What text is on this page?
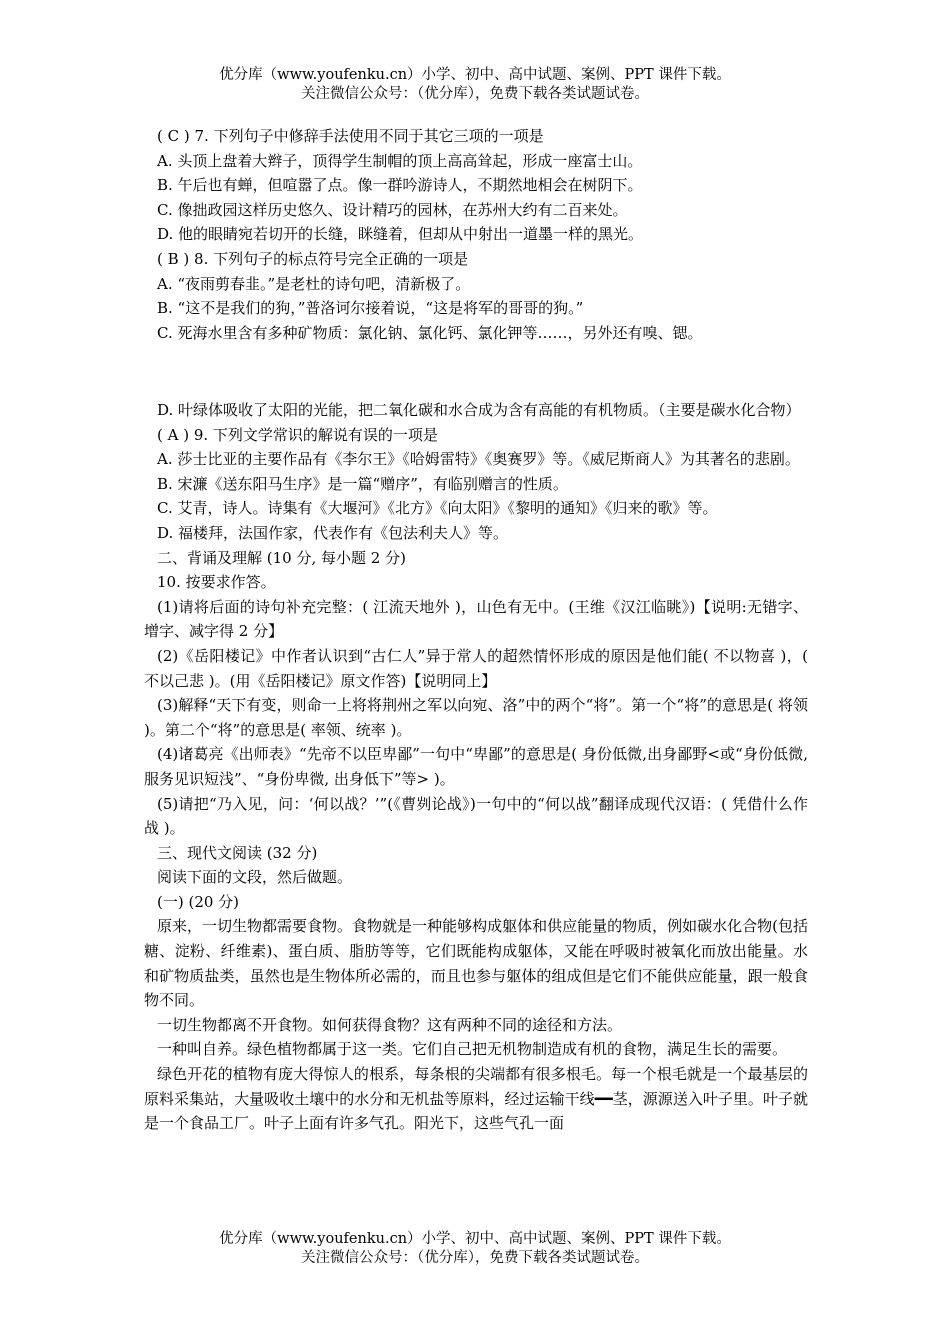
优分库（www.youfenku.cn）小学、初中、高中试题、案例、PPT 课件下载。
关注微信公众号：（优分库），免费下载各类试题试卷。

( C ) 7. 下列句子中修辞手法使用不同于其它三项的一项是

A. 头顶上盘着大辫子，顶得学生制帽的顶上高高耸起，形成一座富士山。

B. 午后也有蝉，但喧嚣了点。像一群吟游诗人，不期然地相会在树阴下。

C. 像拙政园这样历史悠久、设计精巧的园林，在苏州大约有二百来处。

D. 他的眼睛宛若切开的长缝，眯缝着，但却从中射出一道墨一样的黑光。

( B ) 8. 下列句子的标点符号完全正确的一项是

A. “夜雨剪春韭。”是老杜的诗句吧，清新极了。

B. “这不是我们的狗，”普洛诃尔接着说，“这是将军的哥哥的狗。”

C. 死海水里含有多种矿物质：氯化钠、氯化钙、氯化钾等……，另外还有嗅、锶。

D. 叶绿体吸收了太阳的光能，把二氧化碳和水合成为含有高能的有机物质。（主要是碳水化合物）

( A ) 9. 下列文学常识的解说有误的一项是

A. 莎士比亚的主要作品有《李尔王》《哈姆雷特》《奥赛罗》等。《威尼斯商人》为其著名的悲剧。

B. 宋濂《送东阳马生序》是一篇“赠序”，有临别赠言的性质。

C. 艾青，诗人。诗集有《大堰河》《北方》《向太阳》《黎明的通知》《归来的歌》等。

D. 福楼拜，法国作家，代表作有《包法利夫人》等。

二、背诵及理解 (10 分, 每小题 2 分)

10. 按要求作答。

(1)请将后面的诗句补充完整：( 江流天地外 )，山色有无中。(王维《汉江临眺》)【说明:无错字、增字、减字得 2 分】

(2)《岳阳楼记》中作者认识到“古仁人”异于常人的超然情怀形成的原因是他们能( 不以物喜 )，( 不以己悲 )。(用《岳阳楼记》原文作答)【说明同上】

(3)解释“天下有变，则命一上将将荆州之军以向宛、洛”中的两个“将”。第一个“将”的意思是( 将领 )。第二个“将”的意思是( 率领、统率 )。

(4)诸葛亮《出师表》“先帝不以臣卑鄙”一句中“卑鄙”的意思是( 身份低微,出身鄙野<或“身份低微,服务见识短浅”、“身份卑微, 出身低下”等> )。

(5)请把“乃入见，问：‘何以战？’”(《曹刿论战》)一句中的“何以战”翻译成现代汉语：( 凭借什么作战 )。

三、现代文阅读 (32 分)

阅读下面的文段，然后做题。

(一) (20 分)

原来，一切生物都需要食物。食物就是一种能够构成躯体和供应能量的物质，例如碳水化合物(包括糖、淀粉、纤维素)、蛋白质、脂肪等等，它们既能构成躯体，又能在呼吸时被氧化而放出能量。水和矿物质盐类，虽然也是生物体所必需的，而且也参与躯体的组成但是它们不能供应能量，跟一般食物不同。

一切生物都离不开食物。如何获得食物？这有两种不同的途径和方法。

一种叫自养。绿色植物都属于这一类。它们自己把无机物制造成有机的食物，满足生长的需要。

绿色开花的植物有庞大得惊人的根系，每条根的尖端都有很多根毛。每一个根毛就是一个最基层的原料采集站，大量吸收土壤中的水分和无机盐等原料，经过运输干线━━茎，源源送入叶子里。叶子就是一个食品工厂。叶子上面有许多气孔。阳光下，这些气孔一面

优分库（www.youfenku.cn）小学、初中、高中试题、案例、PPT 课件下载。
关注微信公众号：（优分库），免费下载各类试题试卷。
